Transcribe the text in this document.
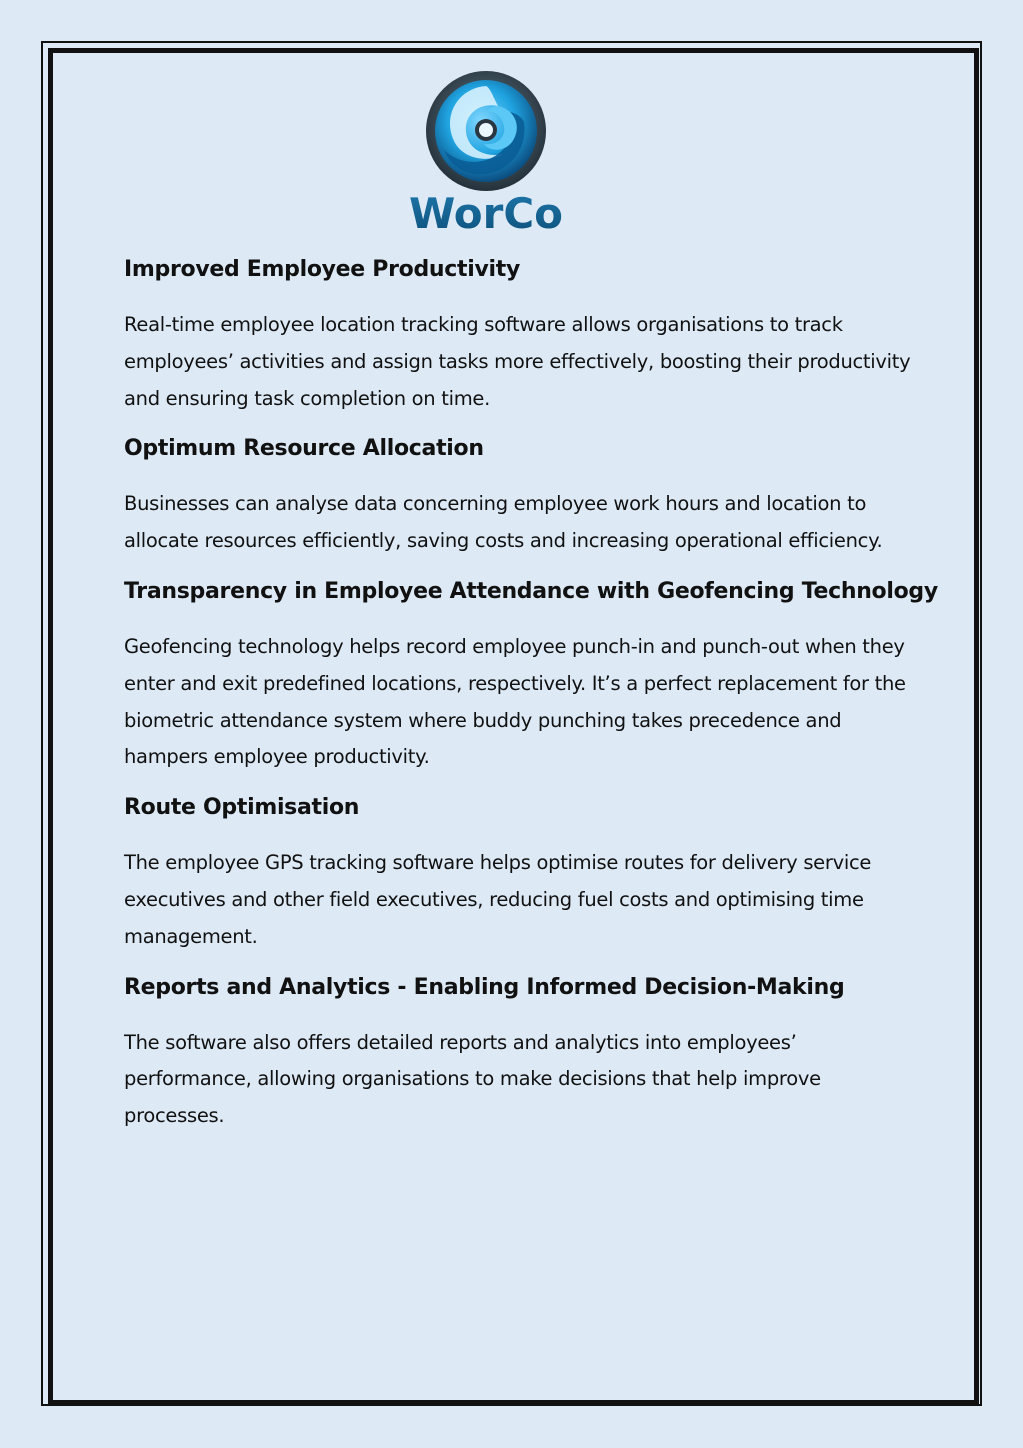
WorCo
Improved Employee Productivity

Real-time employee location tracking software allows organisations to track employees’ activities and assign tasks more effectively, boosting their productivity and ensuring task completion on time.

Optimum Resource Allocation

Businesses can analyse data concerning employee work hours and location to allocate resources efficiently, saving costs and increasing operational efficiency.

Transparency in Employee Attendance with Geofencing Technology

Geofencing technology helps record employee punch-in and punch-out when they enter and exit predefined locations, respectively. It’s a perfect replacement for the biometric attendance system where buddy punching takes precedence and hampers employee productivity.

Route Optimisation

The employee GPS tracking software helps optimise routes for delivery service executives and other field executives, reducing fuel costs and optimising time management.

Reports and Analytics - Enabling Informed Decision-Making

The software also offers detailed reports and analytics into employees’ performance, allowing organisations to make decisions that help improve processes.
